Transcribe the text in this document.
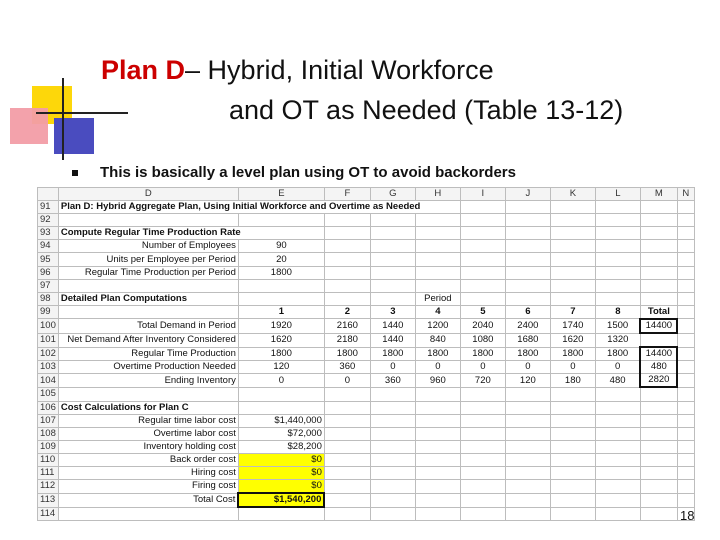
Plan D– Hybrid, Initial Workforce
and OT as Needed (Table 13-12)
This is basically a level plan using OT to avoid backorders
	D	E	F	G	H	I	J	K	L	M	N
91	Plan D: Hybrid Aggregate Plan, Using Initial Workforce and Overtime as Needed										
92											
93	Compute Regular Time Production Rate										
94	Number of Employees	90									
95	Units per Employee per Period	20									
96	Regular Time Production per Period	1800									
97											
98	Detailed Plan Computations				Period						
99		1	2	3	4	5	6	7	8	Total	
100	Total Demand in Period	1920	2160	1440	1200	2040	2400	1740	1500	14400	
101	Net Demand After Inventory Considered	1620	2180	1440	840	1080	1680	1620	1320		
102	Regular Time Production	1800	1800	1800	1800	1800	1800	1800	1800	14400	
103	Overtime Production Needed	120	360	0	0	0	0	0	0	480	
104	Ending Inventory	0	0	360	960	720	120	180	480	2820	
105											
106	Cost Calculations for Plan C										
107	Regular time labor cost	$1,440,000									
108	Overtime labor cost	$72,000									
109	Inventory holding cost	$28,200									
110	Back order cost	$0									
111	Hiring cost	$0									
112	Firing cost	$0									
113	Total Cost	$1,540,200									
114												18
